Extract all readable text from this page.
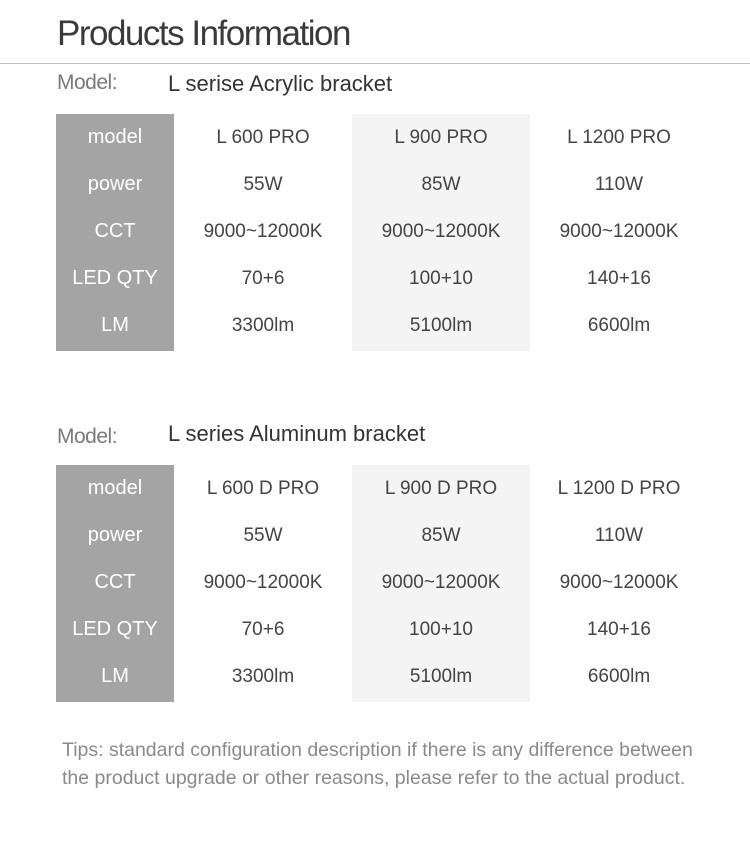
Products Information
Model: L serise Acrylic bracket
model
power
CCT
LED QTY
LM
L 600 PRO
55W
9000~12000K
70+6
3300lm
L 900 PRO
85W
9000~12000K
100+10
5100lm
L 1200 PRO
110W
9000~12000K
140+16
6600lm
Model: L series Aluminum bracket
model
power
CCT
LED QTY
LM
L 600 D PRO
55W
9000~12000K
70+6
3300lm
L 900 D PRO
85W
9000~12000K
100+10
5100lm
L 1200 D PRO
110W
9000~12000K
140+16
6600lm
Tips: standard configuration description if there is any difference between the product upgrade or other reasons, please refer to the actual product.
